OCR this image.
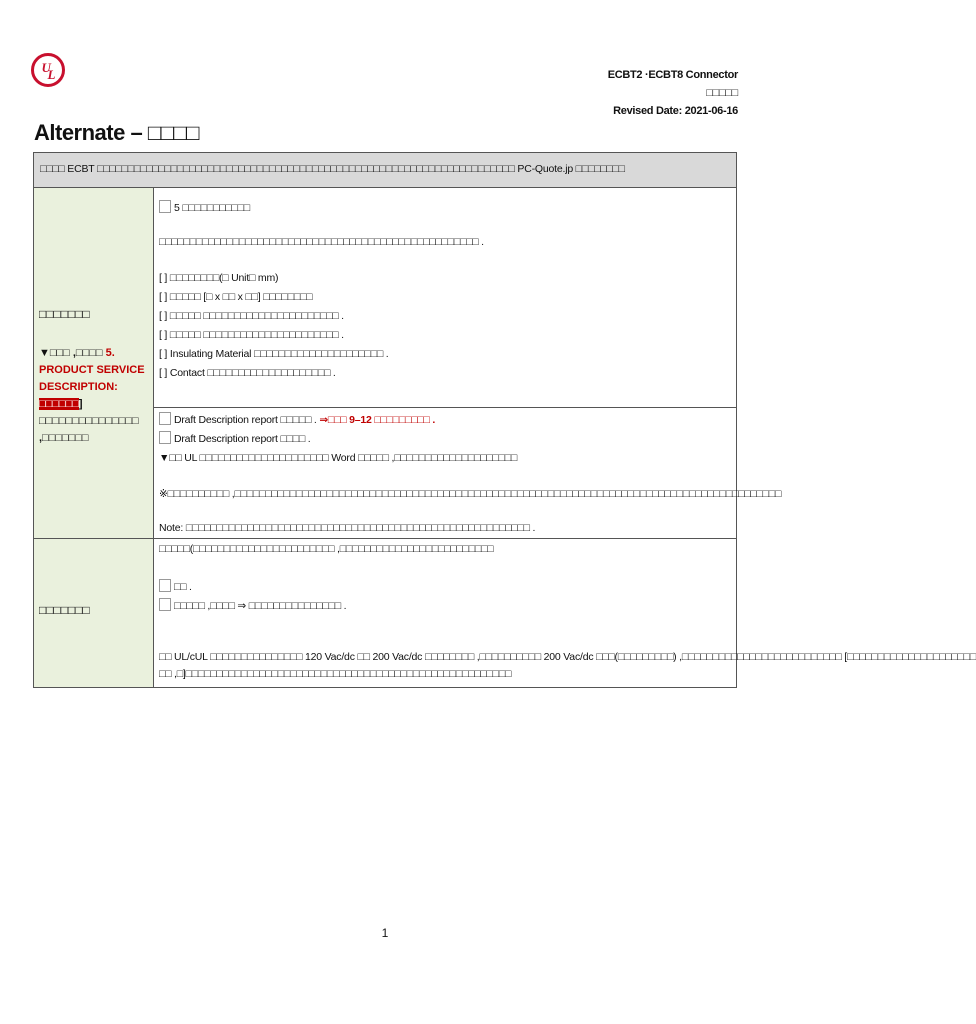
U
L	ECBT2 ·ECBT8 Connector
□□□□□
Revised Date: 2021-06-16
Alternate – □□□□
□□□□ ECBT □□□□□□□□□□□□□□□□□□□□□□□□□□□□□□□□□□□□□□□□□□□□□□□□□□□□□□□□□□□□□□□□□□□□ PC-Quote.jp □□□□□□□□
□□□□□□□
▼□□□ ,□□□□ 5. PRODUCT SERVICE DESCRIPTION: □□□□□□] □□□□□□□□□□□□□□□ ,□□□□□□□
5 □□□□□□□□□□□
□□□□□□□□□□□□□□□□□□□□□□□□□□□□□□□□□□□□□□□□□□□□□□□□□□□□ .
[ ] □□□□□□□□(□ Unit□ mm)
[ ] □□□□□ [□ x □□ x □□] □□□□□□□□
[ ] □□□□□ □□□□□□□□□□□□□□□□□□□□□□ .
[ ] □□□□□ □□□□□□□□□□□□□□□□□□□□□□ .
[ ] Insulating Material □□□□□□□□□□□□□□□□□□□□□ .
[ ] Contact □□□□□□□□□□□□□□□□□□□□ .
Draft Description report □□□□□ . ⇒□□□ 9–12 □□□□□□□□□ .
Draft Description report □□□□ .
▼□□ UL □□□□□□□□□□□□□□□□□□□□□ Word □□□□□ ,□□□□□□□□□□□□□□□□□□□□
※□□□□□□□□□□ ,□□□□□□□□□□□□□□□□□□□□□□□□□□□□□□□□□□□□□□□□□□□□□□□□□□□□□□□□□□□□□□□□□□□□□□□□□□□□□□□□□□□□□□□□□
Note: □□□□□□□□□□□□□□□□□□□□□□□□□□□□□□□□□□□□□□□□□□□□□□□□□□□□□□□□ .
□□□□□□□
□□□□□(□□□□□□□□□□□□□□□□□□□□□□□ ,□□□□□□□□□□□□□□□□□□□□□□□□□
□□ .
□□□□□ ,□□□□ ⇒ □□□□□□□□□□□□□□□ .
□□ UL/cUL □□□□□□□□□□□□□□□ 120 Vac/dc □□ 200 Vac/dc □□□□□□□□ ,□□□□□□□□□□ 200 Vac/dc □□□(□□□□□□□□□) ,□□□□□□□□□□□□□□□□□□□□□□□□□□ [□□□□□□□□□□□□□□□□□□□□□
□□ ,□]□□□□□□□□□□□□□□□□□□□□□□□□□□□□□□□□□□□□□□□□□□□□□□□□□□□□□
1
